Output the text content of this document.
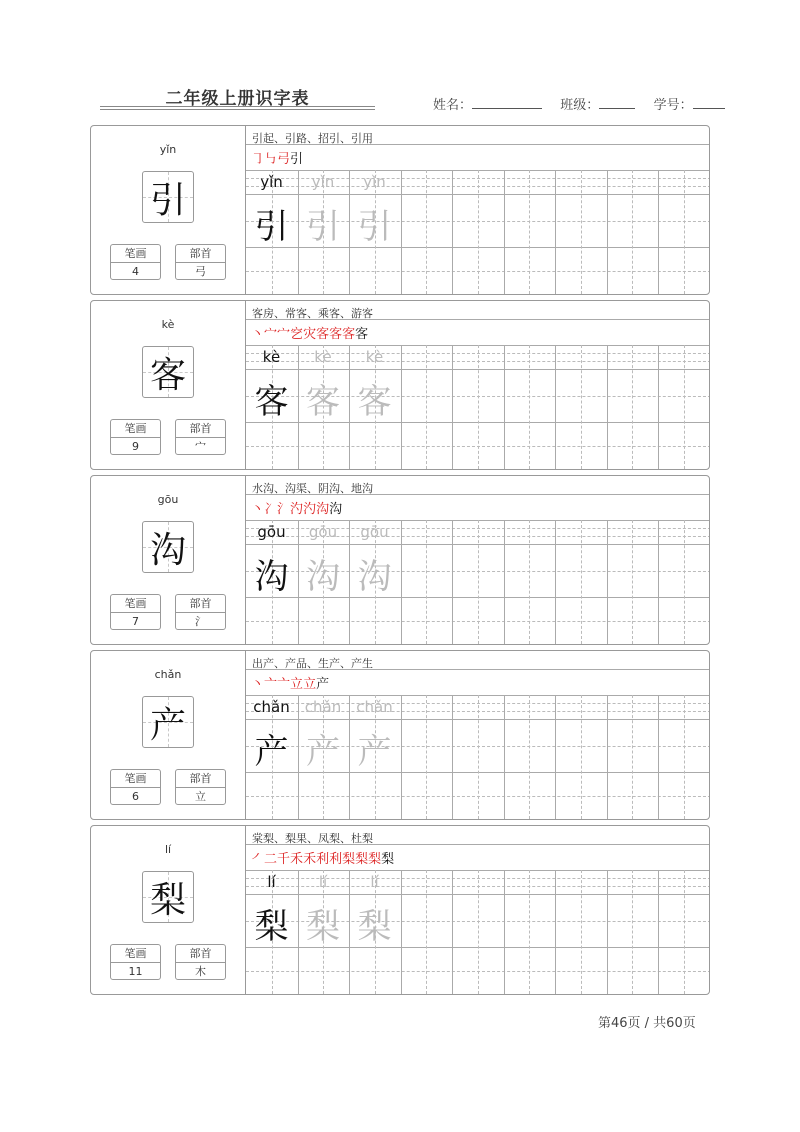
二年级上册识字表	姓名：	班级：	学号：
yǐn
引
笔画
4
部首
弓
引起、引路、招引、引用
㇆ ㇉ 弓 引
yǐn
引
yǐn
引
yǐn
引
kè
客
笔画
9
部首
宀
客房、常客、乘客、游客
丶 宀 宀 穵 灾 客 客 客 客
kè
客
kè
客
kè
客
gōu
沟
笔画
7
部首
氵
水沟、沟渠、阴沟、地沟
丶 冫 氵 汋 汋 沟 沟
gōu
沟
gōu
沟
gōu
沟
chǎn
产
笔画
6
部首
立
出产、产品、生产、产生
丶 亠 亠 立 立 产
chǎn
产
chǎn
产
chǎn
产
lí
梨
笔画
11
部首
木
棠梨、梨果、凤梨、杜梨
㇒ 二 千 禾 禾 利 利 梨 梨 梨 梨
lí
梨
lí
梨
lí
梨
第46页 / 共60页
